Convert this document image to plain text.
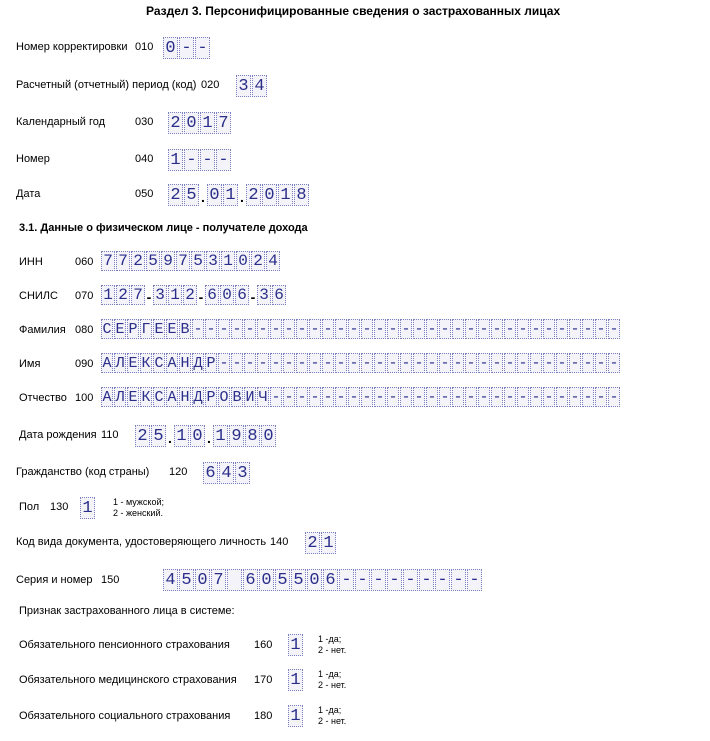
Раздел 3. Персонифицированные сведения о застрахованных лицах
Номер корректировки 010 0 - -
Расчетный (отчетный) период (код) 020 3 4
Календарный год	030 2 0 1 7
Номер	040 1 - - -
Дата	050 2 5 . 0 1 . 2 0 1 8
3.1. Данные о физическом лице - получателе дохода
ИНН	060 7 7 2 5 9 7 5 3 1 0 2 4
СНИЛС 070 1 2 7 - 3 1 2 - 6 0 6 - 3 6
Фамилия 080 С Е Р Г Е Е В - - - - - - - - - - - - - - - - - - - - - - - - - - - - - - - - -
Имя	090 А Л Е К С А Н Д Р - - - - - - - - - - - - - - - - - - - - - - - - - - - - - - -
Отчество 100 А Л Е К С А Н Д Р О В И Ч - - - - - - - - - - - - - - - - - - - - - - - - - - -
Дата рождения 110 2 5 . 1 0 . 1 9 8 0
Гражданство (код страны) 120 6 4 3
Пол 130 1 1 - мужской;
2 - женский.
Код вида документа, удостоверяющего личность 140 2 1
Серия и номер 150	4 5 0 7 6 0 5 5 0 6 - - - - - - - - -
Признак застрахованного лица в системе:
Обязательного пенсионного страхования 160 1 1 -да;
2 - нет.
Обязательного медицинского страхования 170 1 1 -да;
2 - нет.
Обязательного социального страхования 180 1 1 -да;
2 - нет.
